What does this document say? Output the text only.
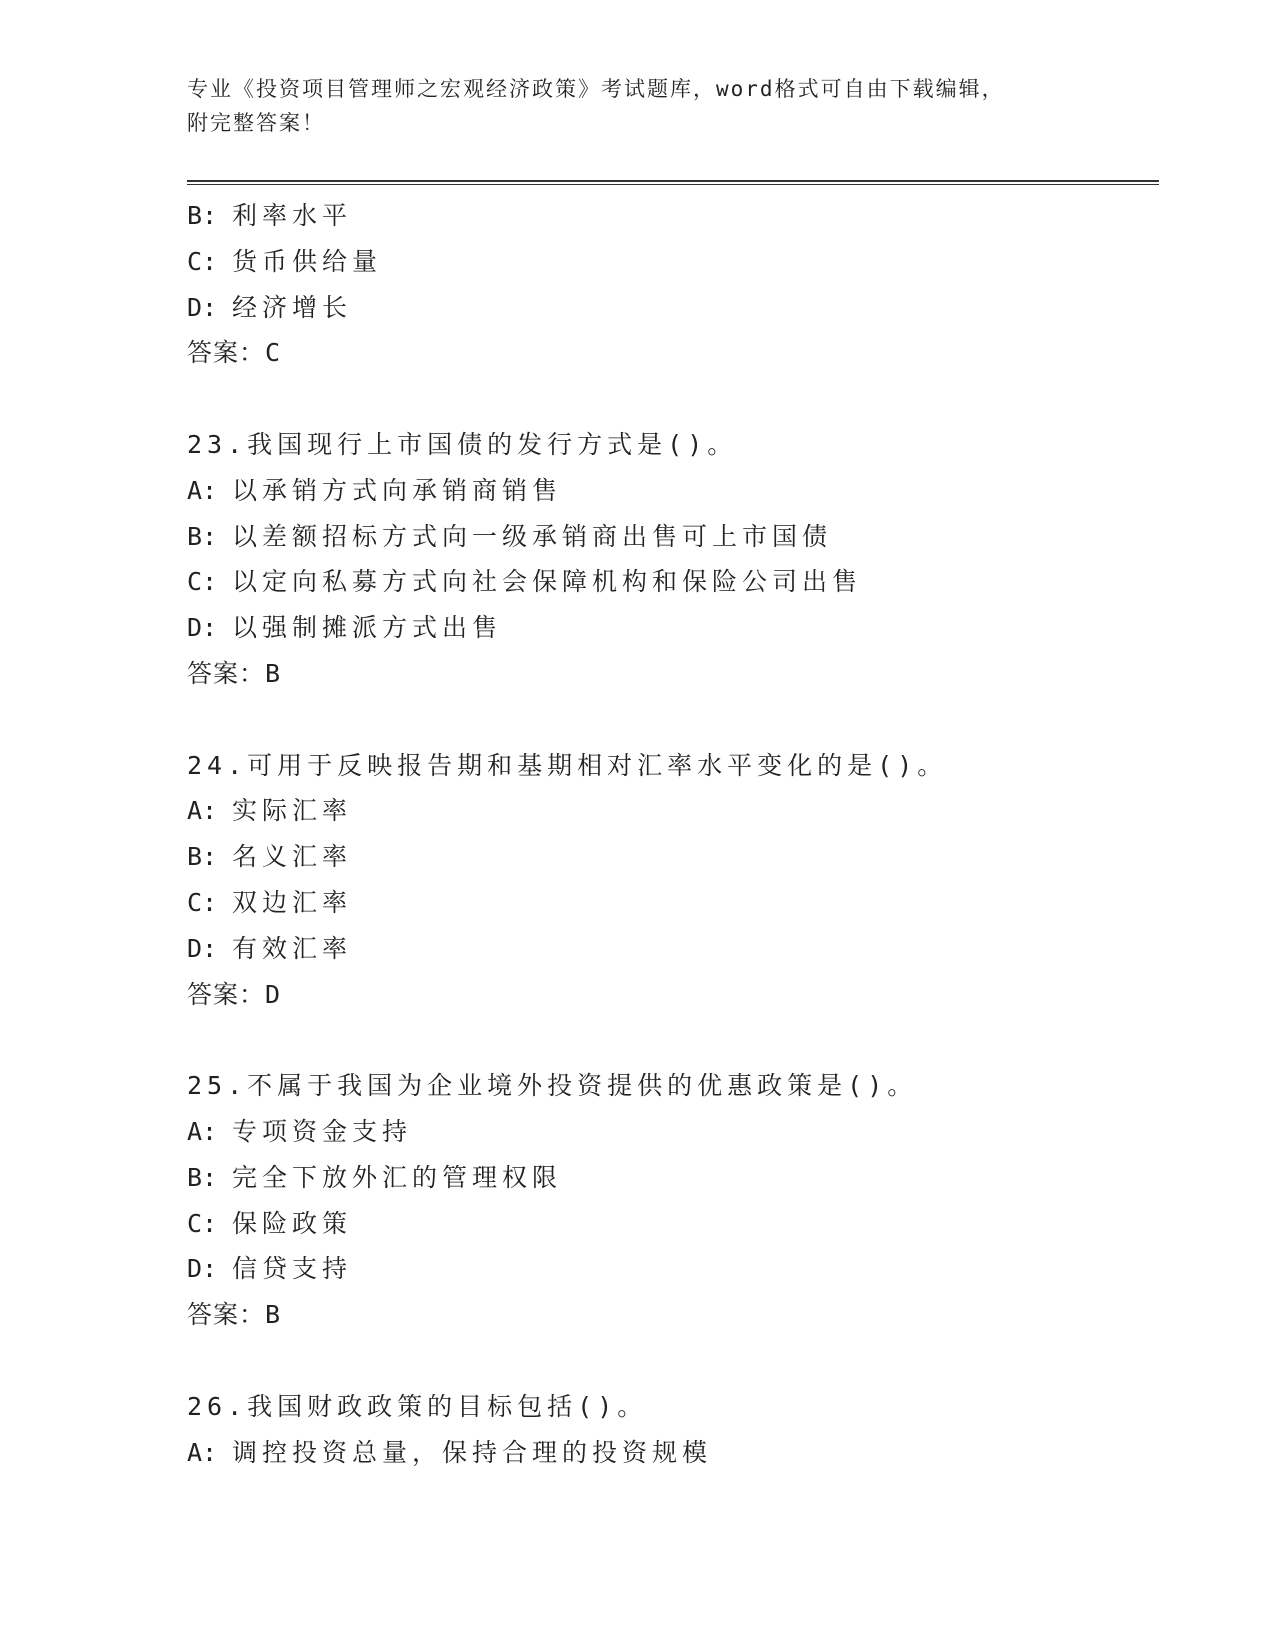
专业《投资项目管理师之宏观经济政策》考试题库，word格式可自由下载编辑，
附完整答案！
B: 利率水平
C: 货币供给量
D: 经济增长
答案：C
23.我国现行上市国债的发行方式是()。
A: 以承销方式向承销商销售
B: 以差额招标方式向一级承销商出售可上市国债
C: 以定向私募方式向社会保障机构和保险公司出售
D: 以强制摊派方式出售
答案：B
24.可用于反映报告期和基期相对汇率水平变化的是()。
A: 实际汇率
B: 名义汇率
C: 双边汇率
D: 有效汇率
答案：D
25.不属于我国为企业境外投资提供的优惠政策是()。
A: 专项资金支持
B: 完全下放外汇的管理权限
C: 保险政策
D: 信贷支持
答案：B
26.我国财政政策的目标包括()。
A: 调控投资总量，保持合理的投资规模
